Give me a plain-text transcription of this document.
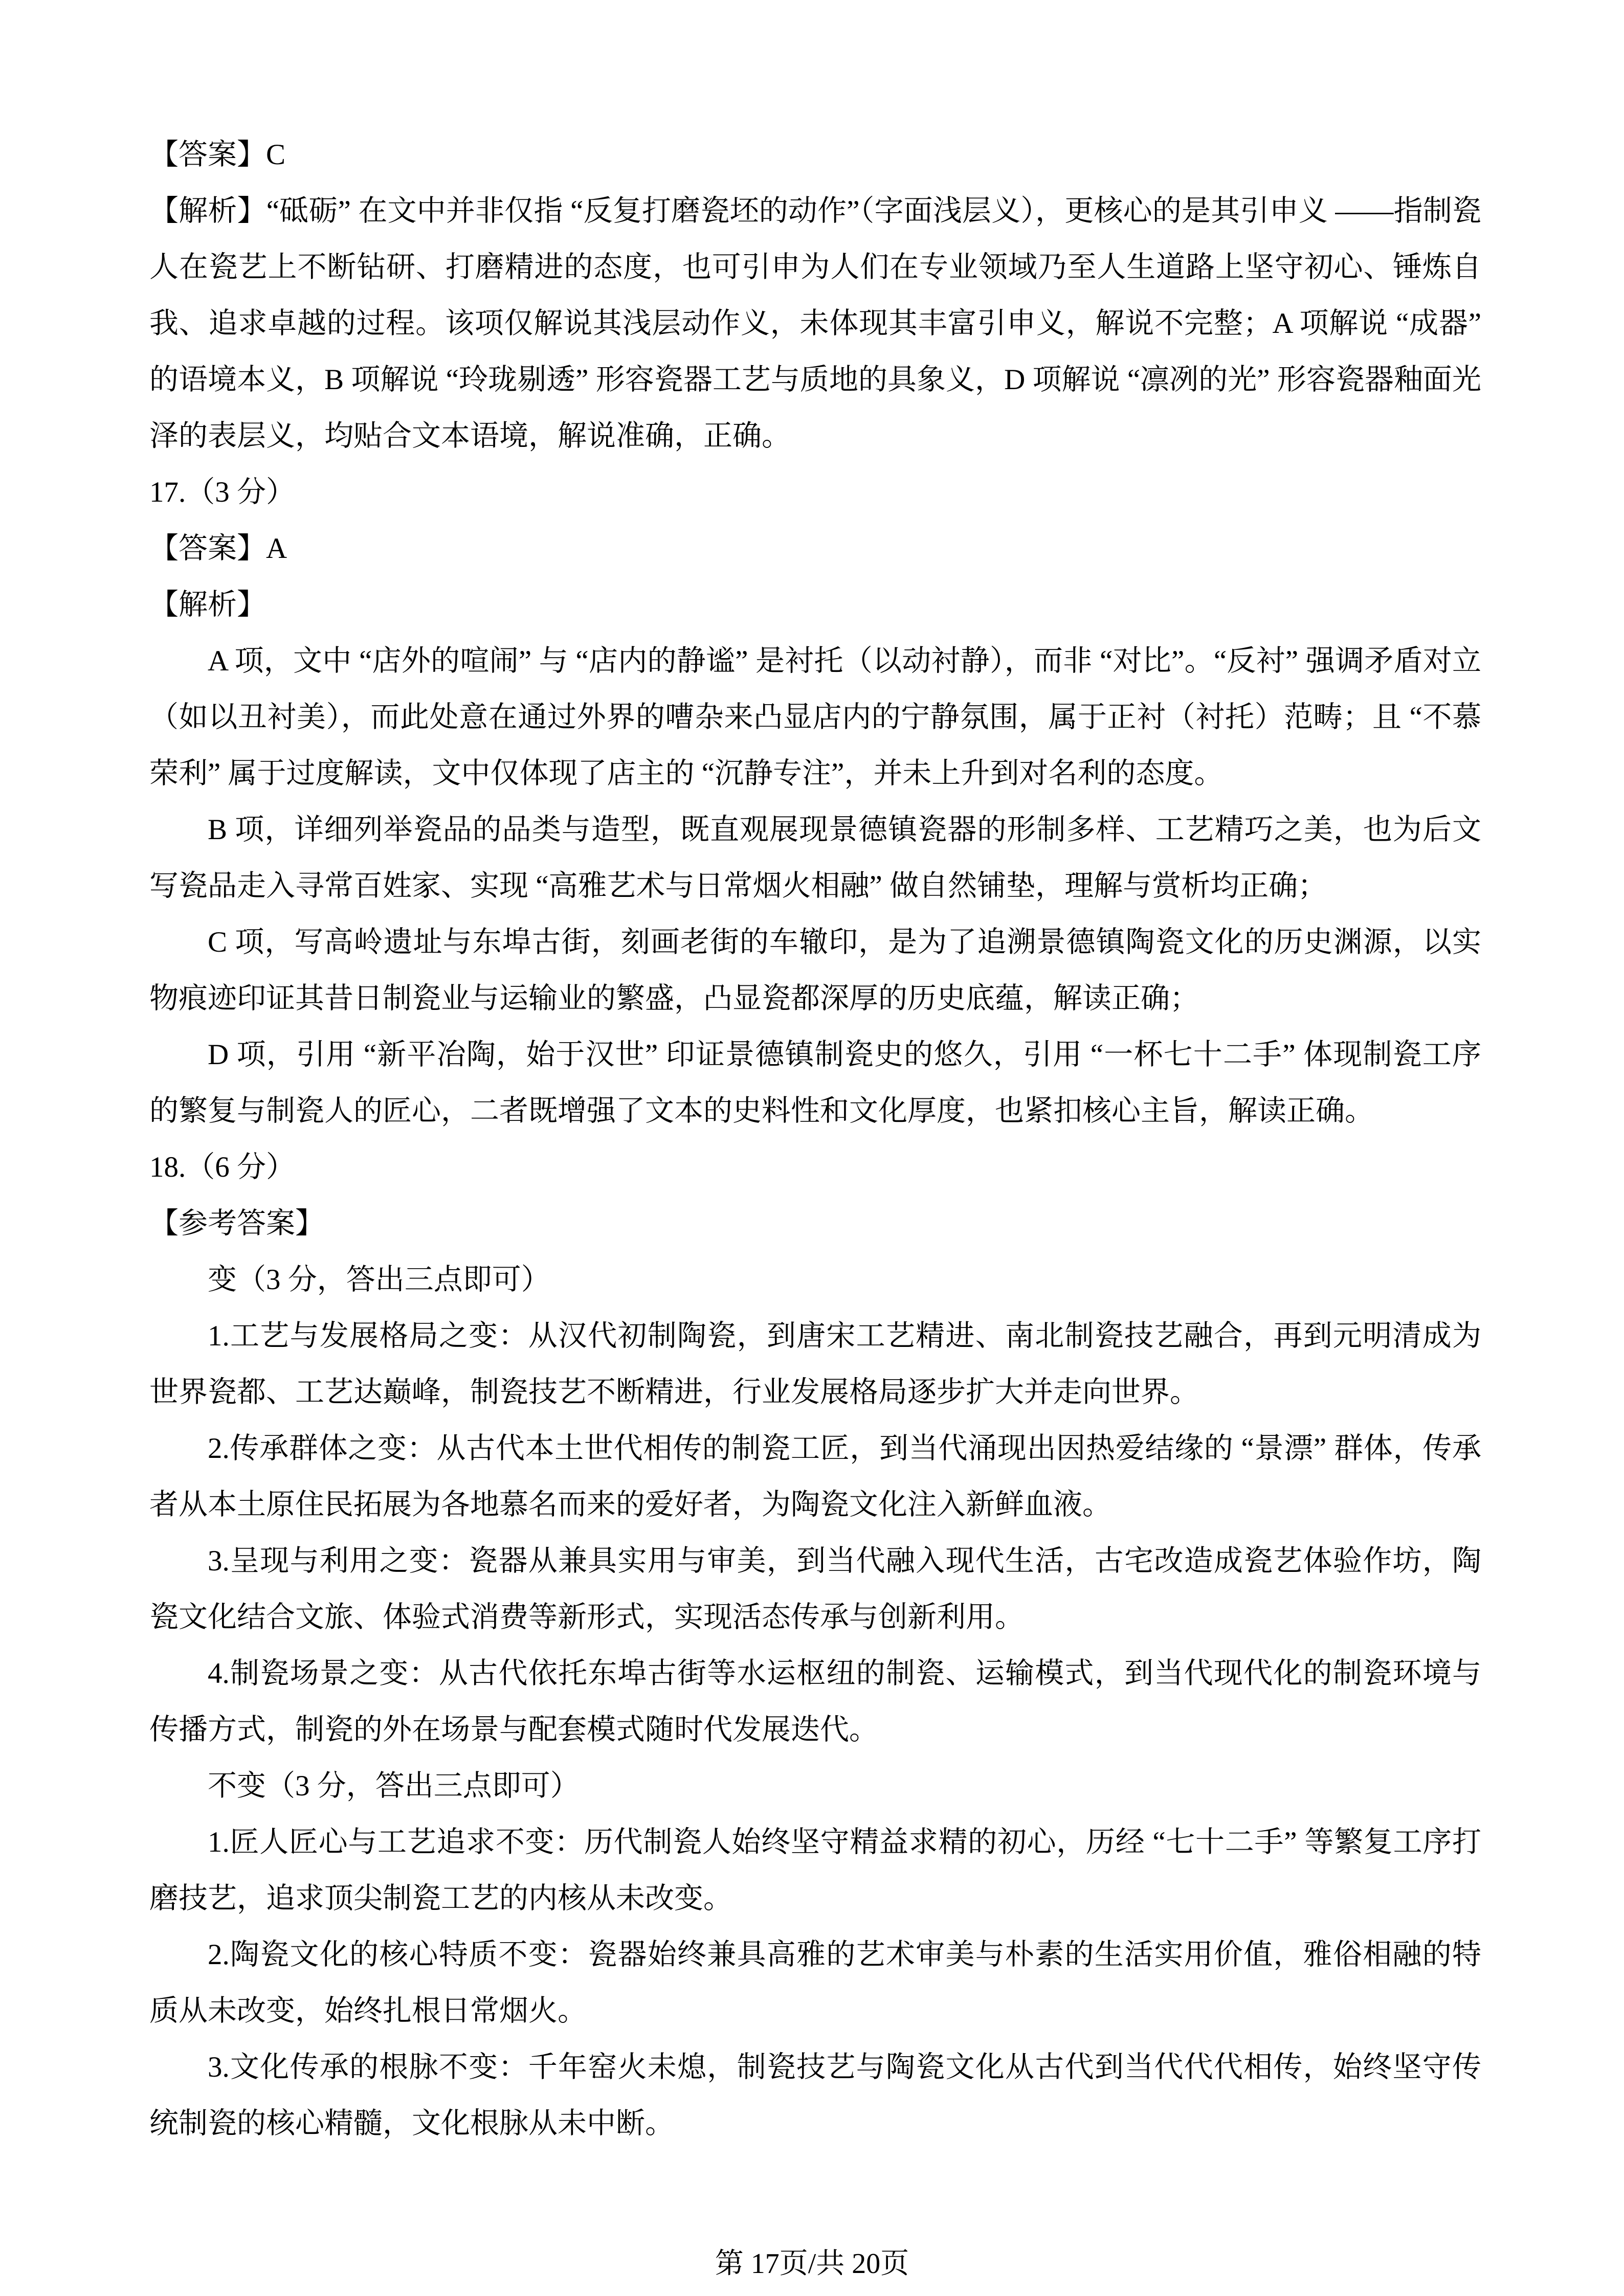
【答案】C

【解析】“砥砺” 在文中并非仅指 “反复打磨瓷坯的动作”（字面浅层义），更核心的是其引申义 ——指制瓷人在瓷艺上不断钻研、打磨精进的态度，也可引申为人们在专业领域乃至人生道路上坚守初心、锤炼自我、追求卓越的过程。该项仅解说其浅层动作义，未体现其丰富引申义，解说不完整；A 项解说 “成器” 的语境本义，B 项解说 “玲珑剔透” 形容瓷器工艺与质地的具象义，D 项解说 “凛冽的光” 形容瓷器釉面光泽的表层义，均贴合文本语境，解说准确，正确。

17.（3 分）

【答案】A

【解析】

A 项，文中 “店外的喧闹” 与 “店内的静谧” 是衬托（以动衬静），而非 “对比”。“反衬” 强调矛盾对立（如以丑衬美），而此处意在通过外界的嘈杂来凸显店内的宁静氛围，属于正衬（衬托）范畴；且 “不慕荣利” 属于过度解读，文中仅体现了店主的 “沉静专注”，并未上升到对名利的态度。

B 项，详细列举瓷品的品类与造型，既直观展现景德镇瓷器的形制多样、工艺精巧之美，也为后文写瓷品走入寻常百姓家、实现 “高雅艺术与日常烟火相融” 做自然铺垫，理解与赏析均正确；

C 项，写高岭遗址与东埠古街，刻画老街的车辙印，是为了追溯景德镇陶瓷文化的历史渊源，以实物痕迹印证其昔日制瓷业与运输业的繁盛，凸显瓷都深厚的历史底蕴，解读正确；

D 项，引用 “新平冶陶，始于汉世” 印证景德镇制瓷史的悠久，引用 “一杯七十二手” 体现制瓷工序的繁复与制瓷人的匠心，二者既增强了文本的史料性和文化厚度，也紧扣核心主旨，解读正确。

18.（6 分）

【参考答案】

变（3 分，答出三点即可）

1.工艺与发展格局之变：从汉代初制陶瓷，到唐宋工艺精进、南北制瓷技艺融合，再到元明清成为世界瓷都、工艺达巅峰，制瓷技艺不断精进，行业发展格局逐步扩大并走向世界。

2.传承群体之变：从古代本土世代相传的制瓷工匠，到当代涌现出因热爱结缘的 “景漂” 群体，传承者从本土原住民拓展为各地慕名而来的爱好者，为陶瓷文化注入新鲜血液。

3.呈现与利用之变：瓷器从兼具实用与审美，到当代融入现代生活，古宅改造成瓷艺体验作坊，陶瓷文化结合文旅、体验式消费等新形式，实现活态传承与创新利用。

4.制瓷场景之变：从古代依托东埠古街等水运枢纽的制瓷、运输模式，到当代现代化的制瓷环境与传播方式，制瓷的外在场景与配套模式随时代发展迭代。

不变（3 分，答出三点即可）

1.匠人匠心与工艺追求不变：历代制瓷人始终坚守精益求精的初心，历经 “七十二手” 等繁复工序打磨技艺，追求顶尖制瓷工艺的内核从未改变。

2.陶瓷文化的核心特质不变：瓷器始终兼具高雅的艺术审美与朴素的生活实用价值，雅俗相融的特质从未改变，始终扎根日常烟火。

3.文化传承的根脉不变：千年窑火未熄，制瓷技艺与陶瓷文化从古代到当代代代相传，始终坚守传统制瓷的核心精髓，文化根脉从未中断。

第 17页/共 20页
